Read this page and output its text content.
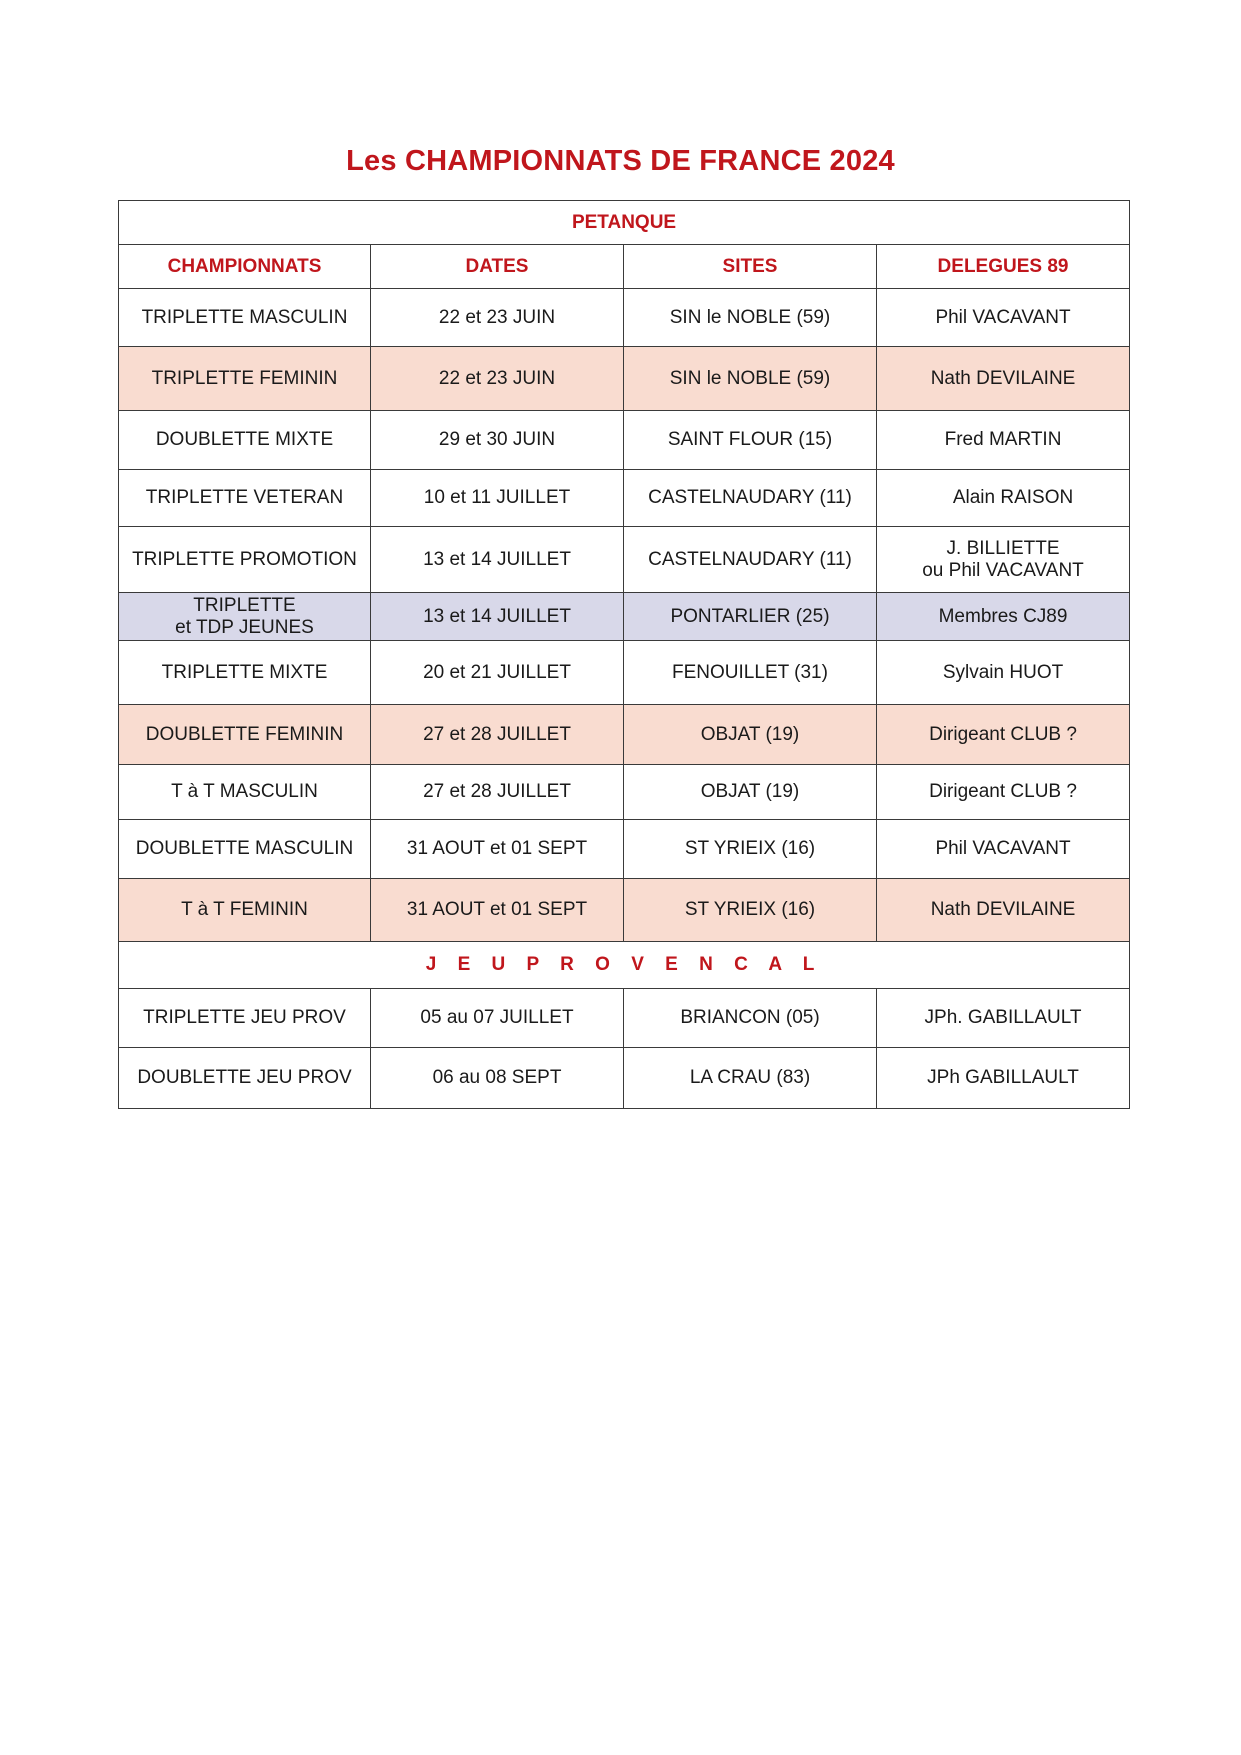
Les CHAMPIONNATS DE FRANCE 2024
PETANQUE			
CHAMPIONNATS	DATES	SITES	DELEGUES 89
TRIPLETTE MASCULIN	22 et 23 JUIN	SIN le NOBLE (59)	Phil VACAVANT
TRIPLETTE FEMININ	22 et 23 JUIN	SIN le NOBLE (59)	Nath DEVILAINE
DOUBLETTE MIXTE	29 et 30 JUIN	SAINT FLOUR (15)	Fred MARTIN
TRIPLETTE VETERAN	10 et 11 JUILLET	CASTELNAUDARY (11)	Alain RAISON
TRIPLETTE PROMOTION	13 et 14 JUILLET	CASTELNAUDARY (11)	J. BILLIETTE
ou Phil VACAVANT

TRIPLETTE
et TDP JEUNES	13 et 14 JUILLET	PONTARLIER (25)	Membres CJ89
TRIPLETTE MIXTE	20 et 21 JUILLET	FENOUILLET (31)	Sylvain HUOT
DOUBLETTE FEMININ	27 et 28 JUILLET	OBJAT (19)	Dirigeant CLUB ?
T à T MASCULIN	27 et 28 JUILLET	OBJAT (19)	Dirigeant CLUB ?
DOUBLETTE MASCULIN	31 AOUT et 01 SEPT	ST YRIEIX (16)	Phil VACAVANT
T à T FEMININ	31 AOUT et 01 SEPT	ST YRIEIX (16)	Nath DEVILAINE
J E U P R O V E N C A L			
TRIPLETTE JEU PROV	05 au 07 JUILLET	BRIANCON (05)	JPh. GABILLAULT
DOUBLETTE JEU PROV	06 au 08 SEPT	LA CRAU (83)	JPh GABILLAULT
